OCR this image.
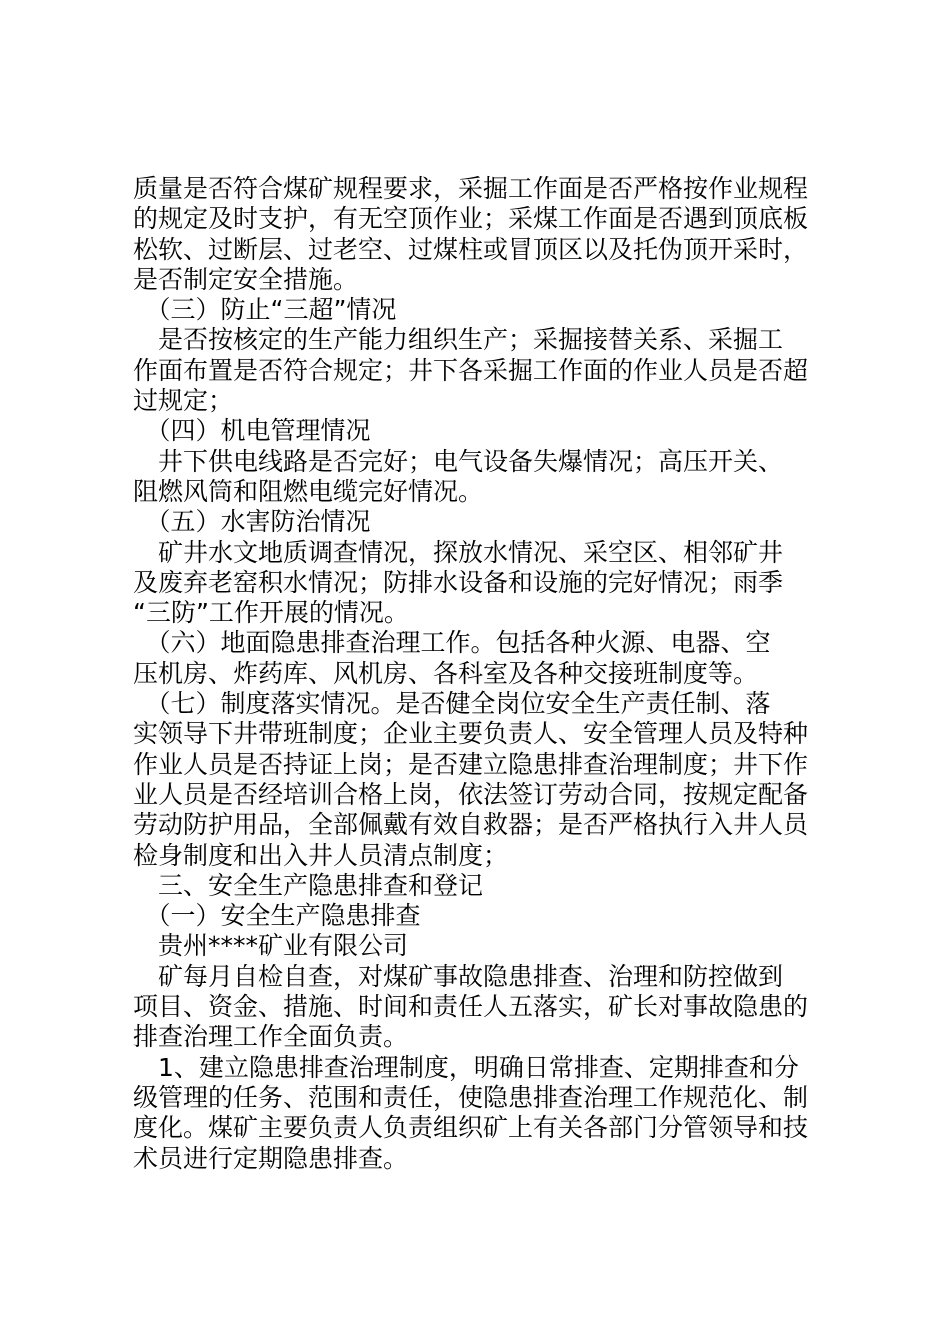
质量是否符合煤矿规程要求，采掘工作面是否严格按作业规程
的规定及时支护，有无空顶作业；采煤工作面是否遇到顶底板
松软、过断层、过老空、过煤柱或冒顶区以及托伪顶开采时，
是否制定安全措施。
　（三）防止“三超”情况
　是否按核定的生产能力组织生产；采掘接替关系、采掘工
作面布置是否符合规定；井下各采掘工作面的作业人员是否超
过规定；
　（四）机电管理情况
　井下供电线路是否完好；电气设备失爆情况；高压开关、
阻燃风筒和阻燃电缆完好情况。
　（五）水害防治情况
　矿井水文地质调查情况，探放水情况、采空区、相邻矿井
及废弃老窑积水情况；防排水设备和设施的完好情况；雨季
“三防”工作开展的情况。
　（六）地面隐患排查治理工作。包括各种火源、电器、空
压机房、炸药库、风机房、各科室及各种交接班制度等。
　（七）制度落实情况。是否健全岗位安全生产责任制、落
实领导下井带班制度；企业主要负责人、安全管理人员及特种
作业人员是否持证上岗；是否建立隐患排查治理制度；井下作
业人员是否经培训合格上岗，依法签订劳动合同，按规定配备
劳动防护用品，全部佩戴有效自救器；是否严格执行入井人员
检身制度和出入井人员清点制度；
　三、安全生产隐患排查和登记
　（一）安全生产隐患排查
　贵州****矿业有限公司
　矿每月自检自查，对煤矿事故隐患排查、治理和防控做到
项目、资金、措施、时间和责任人五落实，矿长对事故隐患的
排查治理工作全面负责。
　1、建立隐患排查治理制度，明确日常排查、定期排查和分
级管理的任务、范围和责任，使隐患排查治理工作规范化、制
度化。煤矿主要负责人负责组织矿上有关各部门分管领导和技
术员进行定期隐患排查。
